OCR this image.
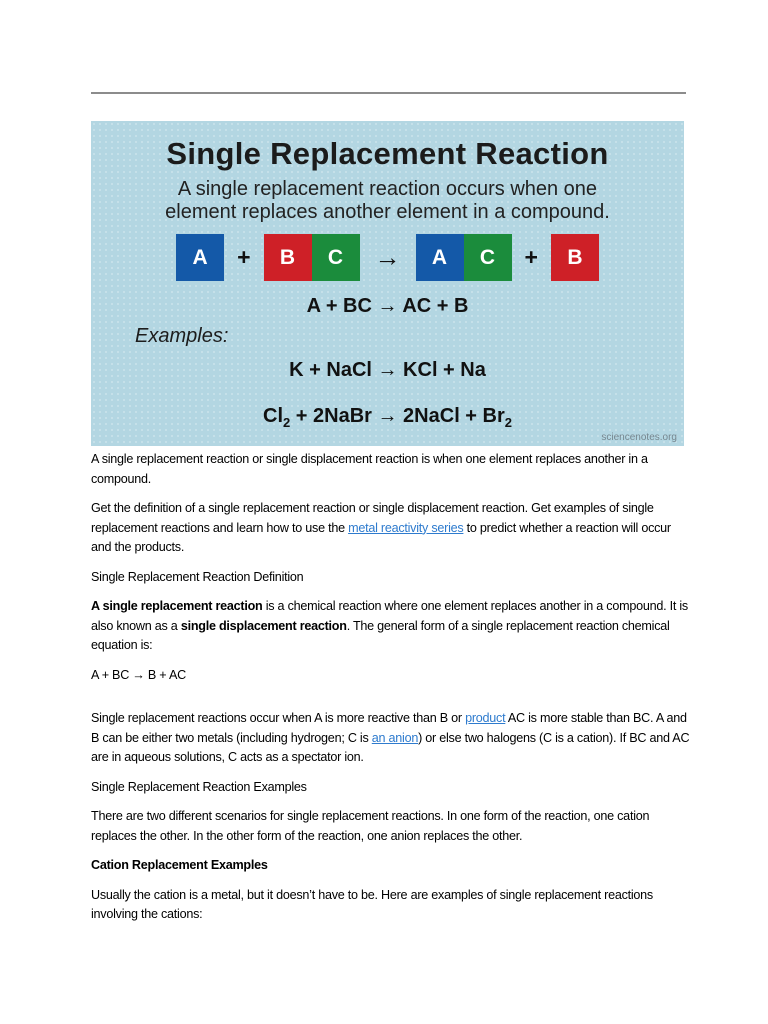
Single Replacement Reaction
A single replacement reaction occurs when one
element replaces another element in a compound.
A	+	B	C	→	A	C	+	B
A + BC → AC + B
Examples:
K + NaCl → KCl + Na
$Cl_2$ + 2NaBr → 2NaCl + $Br_2$
sciencenotes.org

A single replacement reaction or single displacement reaction is when one element replaces another in a compound.

Get the definition of a single replacement reaction or single displacement reaction. Get examples of single replacement reactions and learn how to use the metal reactivity series to predict whether a reaction will occur and the products.

Single Replacement Reaction Definition

A single replacement reaction is a chemical reaction where one element replaces another in a compound. It is also known as a single displacement reaction. The general form of a single replacement reaction chemical equation is:

A + BC → B + AC

Single replacement reactions occur when A is more reactive than B or product AC is more stable than BC. A and B can be either two metals (including hydrogen; C is an anion) or else two halogens (C is a cation). If BC and AC are in aqueous solutions, C acts as a spectator ion.

Single Replacement Reaction Examples

There are two different scenarios for single replacement reactions. In one form of the reaction, one cation replaces the other. In the other form of the reaction, one anion replaces the other.

Cation Replacement Examples

Usually the cation is a metal, but it doesn’t have to be. Here are examples of single replacement reactions involving the cations:
